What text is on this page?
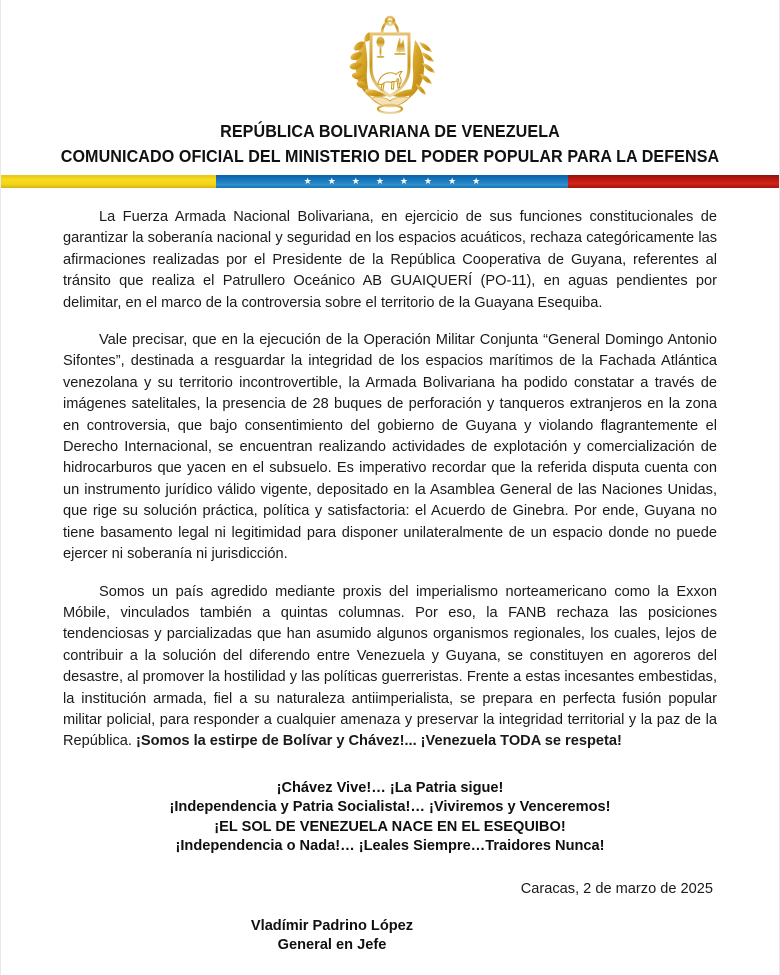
REPÚBLICA BOLIVARIANA DE VENEZUELA
COMUNICADO OFICIAL DEL MINISTERIO DEL PODER POPULAR PARA LA DEFENSA
★ ★ ★ ★ ★ ★ ★ ★

La Fuerza Armada Nacional Bolivariana, en ejercicio de sus funciones constitucionales de garantizar la soberanía nacional y seguridad en los espacios acuáticos, rechaza categóricamente las afirmaciones realizadas por el Presidente de la República Cooperativa de Guyana, referentes al tránsito que realiza el Patrullero Oceánico AB GUAIQUERÍ (PO-11), en aguas pendientes por delimitar, en el marco de la controversia sobre el territorio de la Guayana Esequiba.

Vale precisar, que en la ejecución de la Operación Militar Conjunta “General Domingo Antonio Sifontes”, destinada a resguardar la integridad de los espacios marítimos de la Fachada Atlántica venezolana y su territorio incontrovertible, la Armada Bolivariana ha podido constatar a través de imágenes satelitales, la presencia de 28 buques de perforación y tanqueros extranjeros en la zona en controversia, que bajo consentimiento del gobierno de Guyana y violando flagrantemente el Derecho Internacional, se encuentran realizando actividades de explotación y comercialización de hidrocarburos que yacen en el subsuelo. Es imperativo recordar que la referida disputa cuenta con un instrumento jurídico válido vigente, depositado en la Asamblea General de las Naciones Unidas, que rige su solución práctica, política y satisfactoria: el Acuerdo de Ginebra. Por ende, Guyana no tiene basamento legal ni legitimidad para disponer unilateralmente de un espacio donde no puede ejercer ni soberanía ni jurisdicción.

Somos un país agredido mediante proxis del imperialismo norteamericano como la Exxon Móbile, vinculados también a quintas columnas. Por eso, la FANB rechaza las posiciones tendenciosas y parcializadas que han asumido algunos organismos regionales, los cuales, lejos de contribuir a la solución del diferendo entre Venezuela y Guyana, se constituyen en agoreros del desastre, al promover la hostilidad y las políticas guerreristas. Frente a estas incesantes embestidas, la institución armada, fiel a su naturaleza antiimperialista, se prepara en perfecta fusión popular militar policial, para responder a cualquier amenaza y preservar la integridad territorial y la paz de la República. ¡Somos la estirpe de Bolívar y Chávez!... ¡Venezuela TODA se respeta!

¡Chávez Vive!… ¡La Patria sigue!
¡Independencia y Patria Socialista!… ¡Viviremos y Venceremos!
¡EL SOL DE VENEZUELA NACE EN EL ESEQUIBO!
¡Independencia o Nada!… ¡Leales Siempre…Traidores Nunca!
Caracas, 2 de marzo de 2025
Vladímir Padrino López
General en Jefe
